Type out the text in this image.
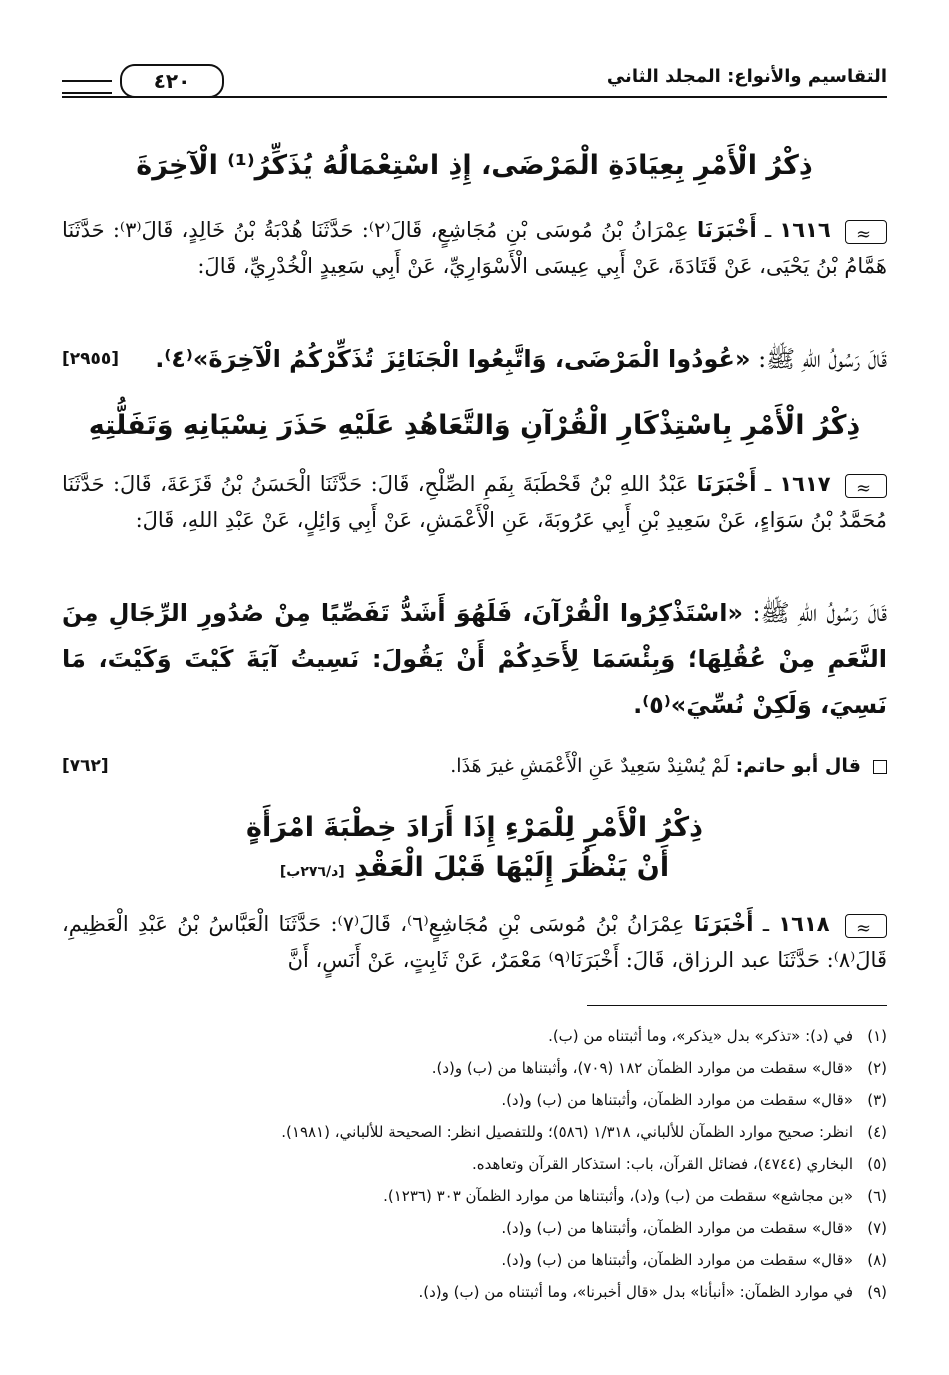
التقاسيم والأنواع: المجلد الثاني
٤٢٠
ذِكْرُ الْأَمْرِ بِعِيَادَةِ الْمَرْضَى، إِذِ اسْتِعْمَالُهُ يُذَكِّرُ⁽¹⁾ الْآخِرَةَ
≈ ١٦١٦ ـ أَخْبَرَنَا عِمْرَانُ بْنُ مُوسَى بْنِ مُجَاشِعٍ، قَالَ⁽٢⁾: حَدَّثَنَا هُدْبَةُ بْنُ خَالِدٍ، قَالَ⁽٣⁾: حَدَّثَنَا هَمَّامُ بْنُ يَحْيَى، عَنْ قَتَادَةَ، عَنْ أَبِي عِيسَى الْأَسْوَارِيِّ، عَنْ أَبِي سَعِيدٍ الْخُدْرِيِّ، قَالَ:
قَالَ رَسُولُ اللهِ ﷺ: «عُودُوا الْمَرْضَى، وَاتَّبِعُوا الْجَنَائِزَ تُذَكِّرْكُمُ الْآخِرَةَ»⁽٤⁾.
[٢٩٥٥]
ذِكْرُ الْأَمْرِ بِاسْتِذْكَارِ الْقُرْآنِ وَالتَّعَاهُدِ عَلَيْهِ حَذَرَ نِسْيَانِهِ وَتَفَلُّتِهِ
≈ ١٦١٧ ـ أَخْبَرَنَا عَبْدُ اللهِ بْنُ قَحْطَبَةَ بِفَمِ الصِّلْحِ، قَالَ: حَدَّثَنَا الْحَسَنُ بْنُ قَزَعَةَ، قَالَ: حَدَّثَنَا مُحَمَّدُ بْنُ سَوَاءٍ، عَنْ سَعِيدِ بْنِ أَبِي عَرُوبَةَ، عَنِ الْأَعْمَشِ، عَنْ أَبِي وَائِلٍ، عَنْ عَبْدِ اللهِ، قَالَ:
قَالَ رَسُولُ اللهِ ﷺ: «اسْتَذْكِرُوا الْقُرْآنَ، فَلَهُوَ أَشَدُّ تَفَصِّيًا مِنْ صُدُورِ الرِّجَالِ مِنَ النَّعَمِ مِنْ عُقُلِهَا؛ وَبِئْسَمَا لِأَحَدِكُمْ أَنْ يَقُولَ: نَسِيتُ آيَةَ كَيْتَ وَكَيْتَ، مَا نَسِيَ، وَلَكِنْ نُسِّيَ»⁽٥⁾.
قال أبو حاتم: لَمْ يُسْنِدْ سَعِيدٌ عَنِ الْأَعْمَشِ غيرَ هَذَا.
[٧٦٢]
ذِكْرُ الْأَمْرِ لِلْمَرْءِ إِذَا أَرَادَ خِطْبَةَ امْرَأَةٍ
أَنْ يَنْظُرَ إِلَيْهَا قَبْلَ الْعَقْدِ [د/٢٧٦ب]
≈ ١٦١٨ ـ أَخْبَرَنَا عِمْرَانُ بْنُ مُوسَى بْنِ مُجَاشِعٍ⁽٦⁾، قَالَ⁽٧⁾: حَدَّثَنَا الْعَبَّاسُ بْنُ عَبْدِ الْعَظِيمِ، قَالَ⁽٨⁾: حَدَّثَنَا عبد الرزاق، قَالَ: أَخْبَرَنَا⁽٩⁾ مَعْمَرٌ، عَنْ ثَابِتٍ، عَنْ أَنَسٍ، أَنَّ
(١)في (د): «تذكر» بدل «يذكر»، وما أثبتناه من (ب).
(٢)«قال» سقطت من موارد الظمآن ١٨٢ (٧٠٩)، وأثبتناها من (ب) و(د).
(٣)«قال» سقطت من موارد الظمآن، وأثبتناها من (ب) و(د).
(٤)انظر: صحيح موارد الظمآن للألباني، ١/٣١٨ (٥٨٦)؛ وللتفصيل انظر: الصحيحة للألباني، (١٩٨١).
(٥)البخاري (٤٧٤٤)، فضائل القرآن، باب: استذكار القرآن وتعاهده.
(٦)«بن مجاشع» سقطت من (ب) و(د)، وأثبتناها من موارد الظمآن ٣٠٣ (١٢٣٦).
(٧)«قال» سقطت من موارد الظمآن، وأثبتناها من (ب) و(د).
(٨)«قال» سقطت من موارد الظمآن، وأثبتناها من (ب) و(د).
(٩)في موارد الظمآن: «أنبأنا» بدل «قال أخبرنا»، وما أثبتناه من (ب) و(د).
